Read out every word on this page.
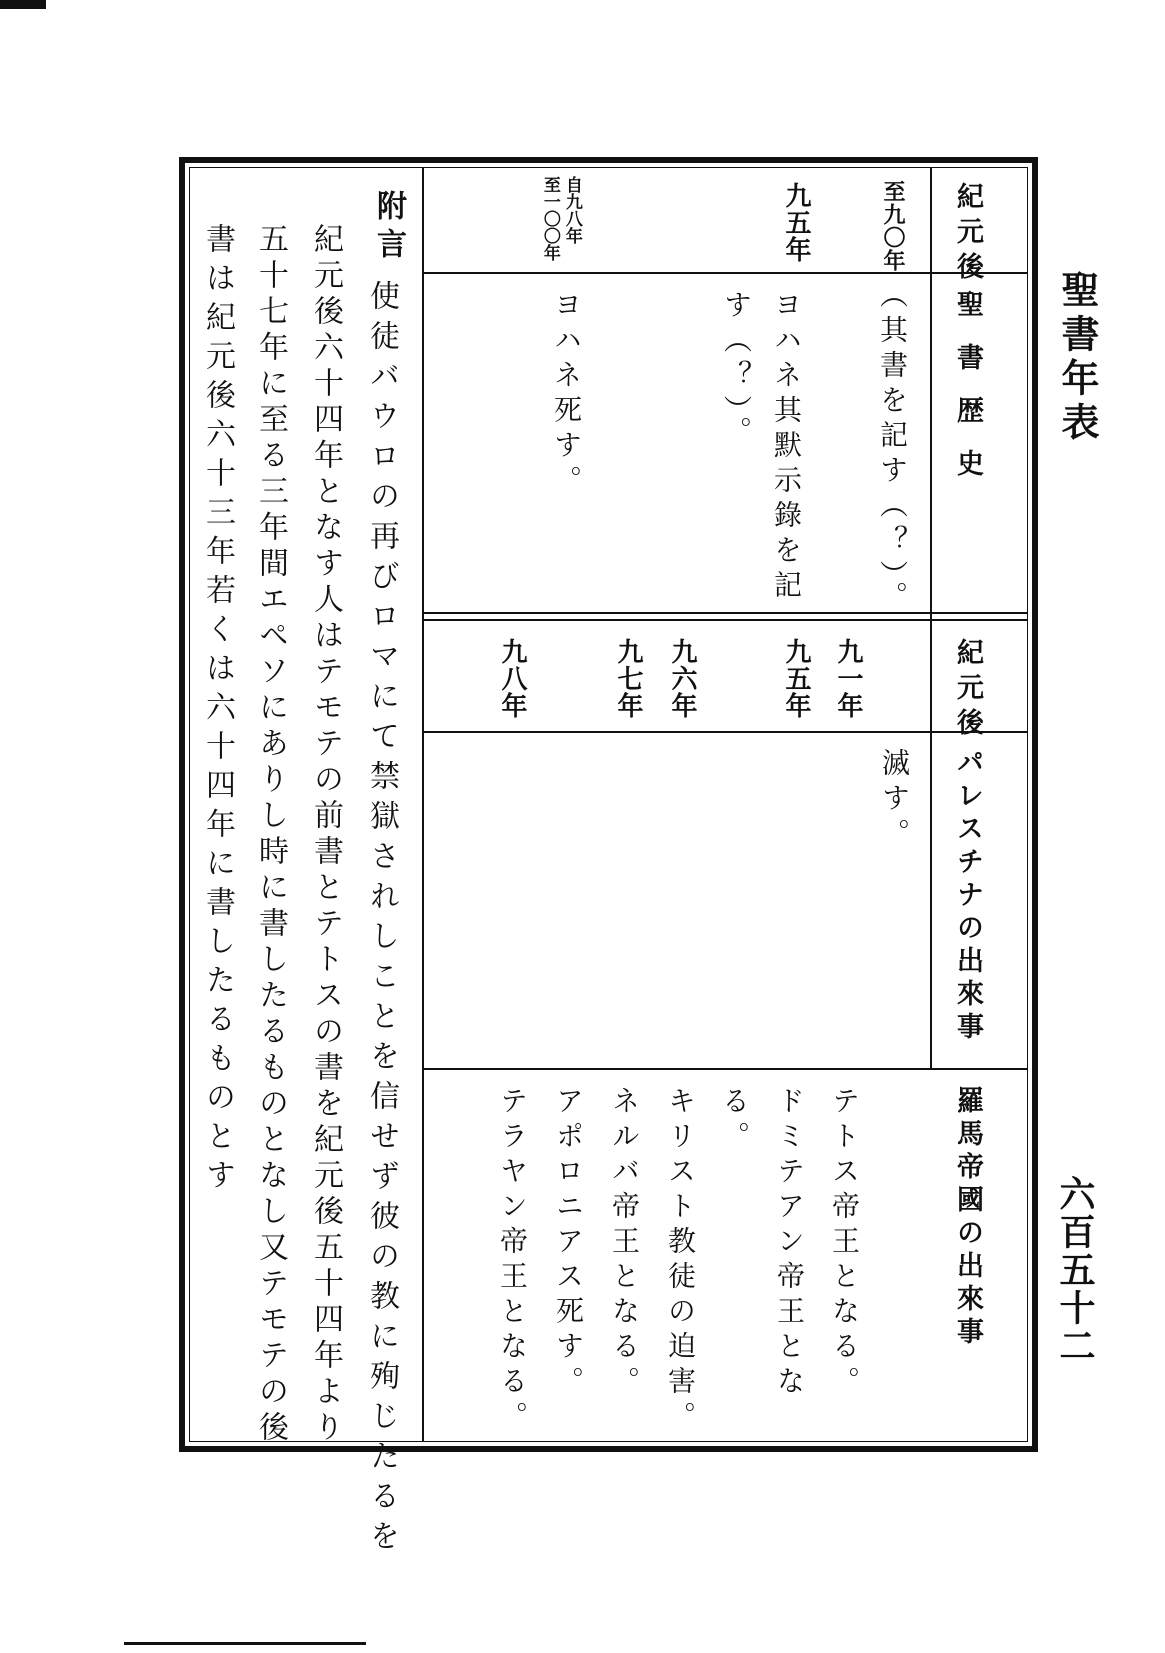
聖書年表
六百五十二
紀元後
聖書歴史
至九〇年
九五年
自九八年
至一〇〇年
（其書を記す（？）。
ヨハネ其默示錄を記
す（？）。
ヨハネ死す。
紀元後
パレスチナの出來事
羅馬帝國の出來事
九一年
九五年
九六年
九七年
九八年
滅す。
テトス帝王となる。
ドミテアン帝王とな
る。
キリスト教徒の迫害。
ネルバ帝王となる。
アポロニアス死す。
テラヤン帝王となる。
附言
使徒バウロの再びロマにて禁獄されしことを信せず彼の教に殉じたるを
紀元後六十四年となす人はテモテの前書とテトスの書を紀元後五十四年より
五十七年に至る三年間エペソにありし時に書したるものとなし又テモテの後
書は紀元後六十三年若くは六十四年に書したるものとす
